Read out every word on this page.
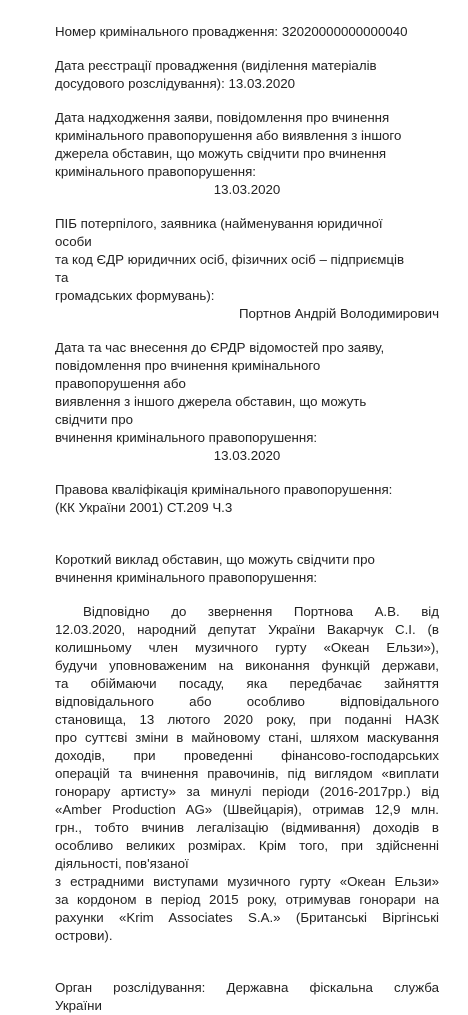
Номер кримінального провадження: 32020000000000040

Дата реєстрації провадження (виділення матеріалів
досудового розслідування): 13.03.2020

Дата надходження заяви, повідомлення про вчинення
кримінального правопорушення або виявлення з іншого
джерела обставин, що можуть свідчити про вчинення
кримінального правопорушення:
13.03.2020

ПІБ потерпілого, заявника (найменування юридичної
особи
та код ЄДР юридичних осіб, фізичних осіб – підприємців
та
громадських формувань):
Портнов Андрій Володимирович

Дата та час внесення до ЄРДР відомостей про заяву,
повідомлення про вчинення кримінального
правопорушення або
виявлення з іншого джерела обставин, що можуть
свідчити про
вчинення кримінального правопорушення:
13.03.2020

Правова кваліфікація кримінального правопорушення:
(КК України 2001) СТ.209 Ч.3

Короткий виклад обставин, що можуть свідчити про
вчинення кримінального правопорушення:

Відповідно до звернення Портнова А.В. від
12.03.2020, народний депутат України Вакарчук С.І. (в
колишньому член музичного гурту «Океан Ельзи»),
будучи уповноваженим на виконання функцій держави,
та обіймаючи посаду, яка передбачає зайняття
відповідального або особливо відповідального
становища, 13 лютого 2020 року, при поданні НАЗК
про суттєві зміни в майновому стані, шляхом маскування
доходів, при проведенні фінансово-господарських
операцій та вчинення правочинів, під виглядом «виплати
гонорару артисту» за минулі періоди (2016-2017рр.) від
«Amber Production AG» (Швейцарія), отримав 12,9 млн.
грн., тобто вчинив легалізацію (відмивання) доходів в
особливо великих розмірах. Крім того, при здійсненні
діяльності, пов'язаної
з естрадними виступами музичного гурту «Океан Ельзи»
за кордоном в період 2015 року, отримував гонорари на
рахунки «Krim Associates S.A.» (Британські Віргінські
острови).

Орган розслідування: Державна фіскальна служба
України
